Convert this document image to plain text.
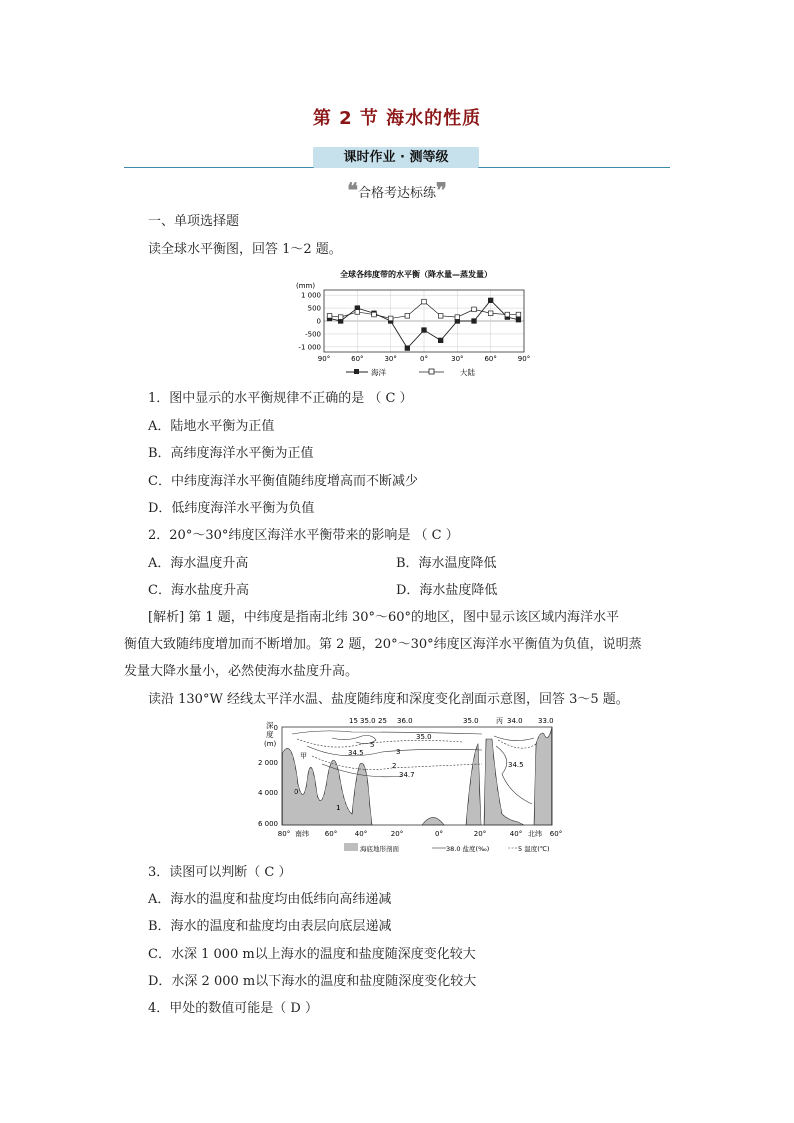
第 2 节 海水的性质
课时作业 · 测等级
❝合格考达标练❞
一、单项选择题
读全球水平衡图，回答 1～2 题。
全球各纬度带的水平衡（降水量—蒸发量）
(mm)
1 000
500
0
-500
-1 000
90°	60°	30°	0°	30°	60°	90°
海洋	大陆
1．图中显示的水平衡规律不正确的是 （ C ）
A．陆地水平衡为正值
B．高纬度海洋水平衡为正值
C．中纬度海洋水平衡值随纬度增高而不断减少
D．低纬度海洋水平衡为负值
2．20°～30°纬度区海洋水平衡带来的影响是 （ C ）
A．海水温度升高	B．海水温度降低
C．海水盐度升高	D．海水盐度降低
[解析] 第 1 题，中纬度是指南北纬 30°～60°的地区，图中显示该区域内海洋水平
衡值大致随纬度增加而不断增加。第 2 题，20°～30°纬度区海洋水平衡值为负值，说明蒸
发量大降水量小，必然使海水盐度升高。
读沿 130°W 经线太平洋水温、盐度随纬度和深度变化剖面示意图，回答 3～5 题。
深
度
(m)
0
2 000
4 000
6 000
15 35.0 25 36.0	35.0 丙 34.0 33.0
35.0
34.5
5
3
2
34.7
34.5
甲
0
1
80° 南纬 60°	40°	20°	0°	20°	40° 北纬 60°
海底地形剖面	38.0 盐度(‰)	5 温度(℃)
3．读图可以判断（ C ）
A．海水的温度和盐度均由低纬向高纬递减
B．海水的温度和盐度均由表层向底层递减
C．水深 1 000 m以上海水的温度和盐度随深度变化较大
D．水深 2 000 m以下海水的温度和盐度随深度变化较大
4．甲处的数值可能是（ D ）
